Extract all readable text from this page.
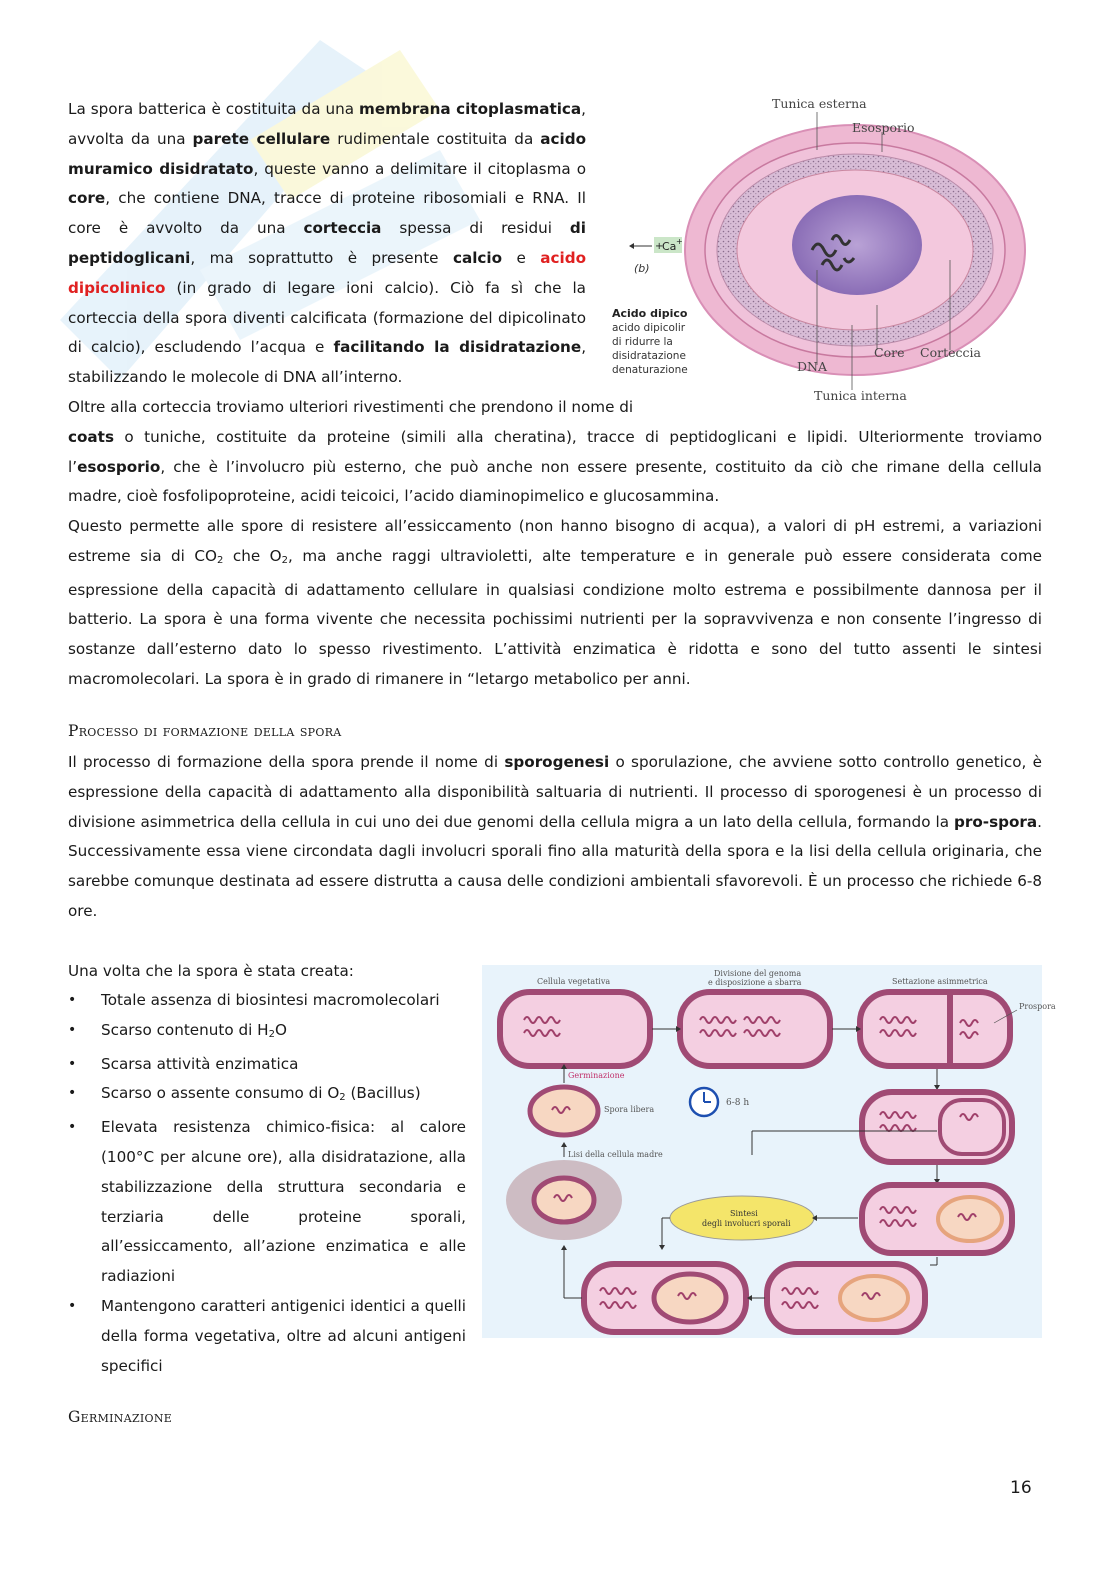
La spora batterica è costituita da una membrana citoplasmatica, avvolta da una parete cellulare rudimentale costituita da acido muramico disidratato, queste vanno a delimitare il citoplasma o core, che contiene DNA, tracce di proteine ribosomiali e RNA. Il core è avvolto da una corteccia spessa di residui di peptidoglicani, ma soprattutto è presente calcio e acido dipicolinico (in grado di legare ioni calcio). Ciò fa sì che la corteccia della spora diventi calcificata (formazione del dipicolinato di calcio), escludendo l’acqua e facilitando la disidratazione, stabilizzando le molecole di DNA all’interno.

Oltre alla corteccia troviamo ulteriori rivestimenti che prendono il nome di
coats o tuniche, costituite da proteine (simili alla cheratina), tracce di peptidoglicani e lipidi. Ulteriormente troviamo l’esosporio, che è l’involucro più esterno, che può anche non essere presente, costituito da ciò che rimane della cellula madre, cioè fosfolipoproteine, acidi teicoici, l’acido diaminopimelico e glucosammina.

Questo permette alle spore di resistere all’essiccamento (non hanno bisogno di acqua), a valori di pH estremi, a variazioni estreme sia di $CO_2$ che $O_2$, ma anche raggi ultravioletti, alte temperature e in generale può essere considerata come espressione della capacità di adattamento cellulare in qualsiasi condizione molto estrema e possibilmente dannosa per il batterio. La spora è una forma vivente che necessita pochissimi nutrienti per la sopravvivenza e non consente l’ingresso di sostanze dall’esterno dato lo spesso rivestimento. L’attività enzimatica è ridotta e sono del tutto assenti le sintesi macromolecolari. La spora è in grado di rimanere in “letargo metabolico per anni.

Processo di formazione della spora

Il processo di formazione della spora prende il nome di sporogenesi o sporulazione, che avviene sotto controllo genetico, è espressione della capacità di adattamento alla disponibilità saltuaria di nutrienti. Il processo di sporogenesi è un processo di divisione asimmetrica della cellula in cui uno dei due genomi della cellula migra a un lato della cellula, formando la pro-spora. Successivamente essa viene circondata dagli involucri sporali fino alla maturità della spora e la lisi della cellula originaria, che sarebbe comunque destinata ad essere distrutta a causa delle condizioni ambientali sfavorevoli. È un processo che richiede 6-8 ore.

Una volta che la spora è stata creata:

• Totale assenza di biosintesi macromolecolari
• Scarso contenuto di $H_2O$
• Scarsa attività enzimatica
• Scarso o assente consumo di $O_2$ (Bacillus)
• Elevata resistenza chimico-fisica: al calore (100°C per alcune ore), alla disidratazione, alla stabilizzazione della struttura secondaria e terziaria delle proteine sporali, all’essiccamento, all’azione enzimatica e alle radiazioni
• Mantengono caratteri antigenici identici a quelli della forma vegetativa, oltre ad alcuni antigeni specifici
Germinazione
Tunica esterna
Esosporio
DNA
Core Corteccia
Tunica interna
+
Ca +
(b)
Acido dipico
acido dipicolir
di ridurre la
disidratazione
denaturazione
Cellula vegetativa
Divisione del genoma
e disposizione a sbarra	Settazione asimmetrica
Prospora
Sintesi
degli involucri sporali
6-8 h
Lisi della cellula madre
Spora libera
Germinazione
16
